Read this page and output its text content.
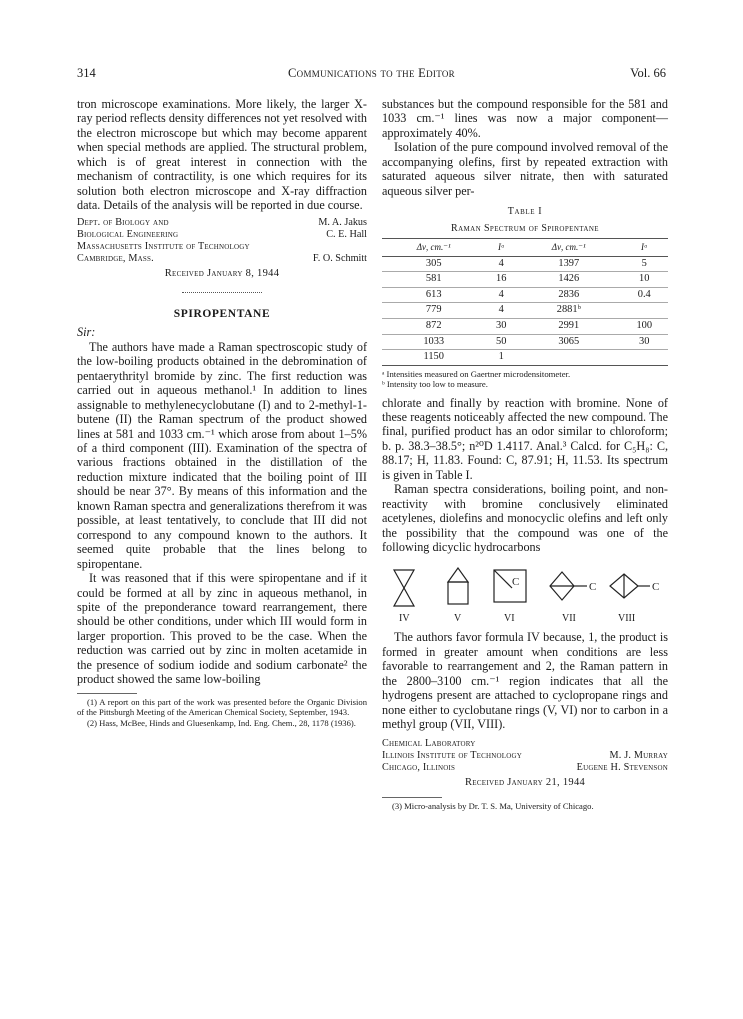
314	Communications to the Editor	Vol. 66

tron microscope examinations. More likely, the larger X-ray period reflects density differences not yet resolved with the electron microscope but which may become apparent when special methods are applied. The structural problem, which is of great interest in connection with the mechanism of contractility, is one which requires for its solution both electron microscope and X-ray diffraction data. Details of the analysis will be reported in due course.

Dept. of Biology and	M. A. Jakus
Biological Engineering	C. E. Hall
Massachusetts Institute of Technology
Cambridge, Mass.	F. O. Schmitt
Received January 8, 1944
SPIROPENTANE
Sir:

The authors have made a Raman spectroscopic study of the low-boiling products obtained in the debromination of pentaerythrityl bromide by zinc. The first reduction was carried out in aqueous methanol.¹ In addition to lines assignable to methylenecyclobutane (I) and to 2-methyl-1-butene (II) the Raman spectrum of the product showed lines at 581 and 1033 cm.⁻¹ which arose from about 1–5% of a third component (III). Examination of the spectra of various fractions obtained in the distillation of the reduction mixture indicated that the boiling point of III should be near 37°. By means of this information and the known Raman spectra and generalizations therefrom it was possible, at least tentatively, to conclude that III did not correspond to any compound known to the authors. It seemed quite probable that the lines belong to spiropentane.

It was reasoned that if this were spiropentane and if it could be formed at all by zinc in aqueous methanol, in spite of the preponderance toward rearrangement, there should be other conditions, under which III would form in larger proportion. This proved to be the case. When the reduction was carried out by zinc in molten acetamide in the presence of sodium iodide and sodium carbonate² the product showed the same low-boiling

(1) A report on this part of the work was presented before the Organic Division of the Pittsburgh Meeting of the American Chemical Society, September, 1943.

(2) Hass, McBee, Hinds and Gluesenkamp, Ind. Eng. Chem., 28, 1178 (1936).

substances but the compound responsible for the 581 and 1033 cm.⁻¹ lines was now a major component—approximately 40%.

Isolation of the pure compound involved removal of the accompanying olefins, first by repeated extraction with saturated aqueous silver nitrate, then with saturated aqueous silver per-

Table I
Raman Spectrum of Spiropentane
Δν, cm.⁻¹	Iᵃ	Δν, cm.⁻¹	Iᵃ
305	4	1397	5
581	16	1426	10
613	4	2836	0.4
779	4	2881ᵇ	
872	30	2991	100
1033	50	3065	30
1150	1		

ᵃ Intensities measured on Gaertner microdensitometer.

ᵇ Intensity too low to measure.

chlorate and finally by reaction with bromine. None of these reagents noticeably affected the new compound. The final, purified product has an odor similar to chloroform; b. p. 38.3–38.5°; n²⁰D 1.4117. Anal.³ Calcd. for C₅H₈: C, 88.17; H, 11.83. Found: C, 87.91; H, 11.53. Its spectrum is given in Table I.

Raman spectra considerations, boiling point, and non-reactivity with bromine conclusively eliminated acetylenes, diolefins and monocyclic olefins and left only the possibility that the compound was one of the following dicyclic hydrocarbons

C	C	C
IV	V	VI	VII	VIII

The authors favor formula IV because, 1, the product is formed in greater amount when conditions are less favorable to rearrangement and 2, the Raman pattern in the 2800–3100 cm.⁻¹ region indicates that all the hydrogens present are attached to cyclopropane rings and none either to cyclobutane rings (V, VI) nor to carbon in a methyl group (VII, VIII).

Chemical Laboratory
Illinois Institute of Technology	M. J. Murray
Chicago, Illinois	Eugene H. Stevenson
Received January 21, 1944

(3) Micro-analysis by Dr. T. S. Ma, University of Chicago.
